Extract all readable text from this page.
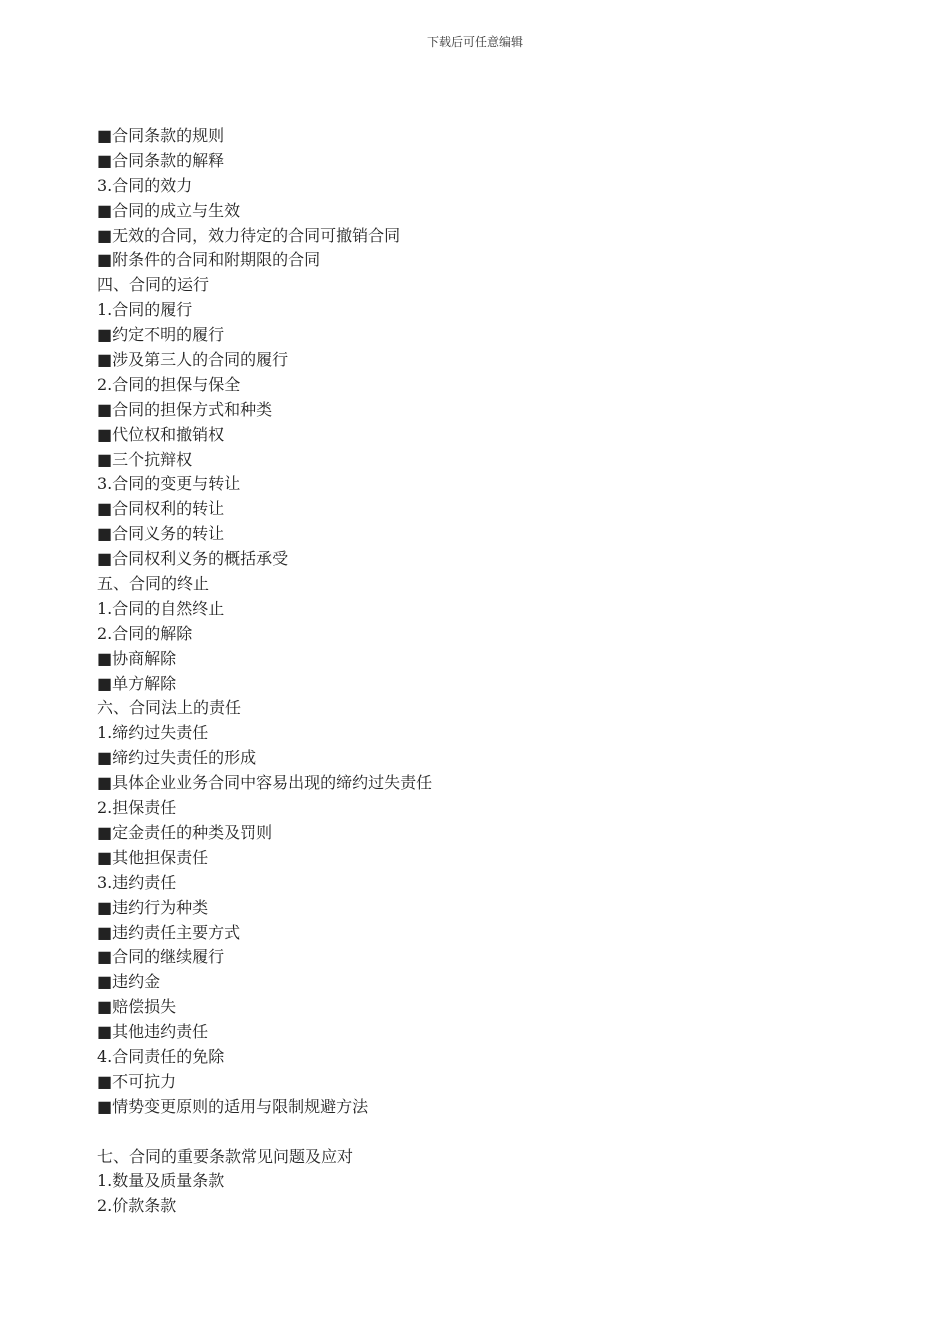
下载后可任意编辑
■合同条款的规则
■合同条款的解释
3.合同的效力
■合同的成立与生效
■无效的合同，效力待定的合同可撤销合同
■附条件的合同和附期限的合同
四、合同的运行
1.合同的履行
■约定不明的履行
■涉及第三人的合同的履行
2.合同的担保与保全
■合同的担保方式和种类
■代位权和撤销权
■三个抗辩权
3.合同的变更与转让
■合同权利的转让
■合同义务的转让
■合同权利义务的概括承受
五、合同的终止
1.合同的自然终止
2.合同的解除
■协商解除
■单方解除
六、合同法上的责任
1.缔约过失责任
■缔约过失责任的形成
■具体企业业务合同中容易出现的缔约过失责任
2.担保责任
■定金责任的种类及罚则
■其他担保责任
3.违约责任
■违约行为种类
■违约责任主要方式
■合同的继续履行
■违约金
■赔偿损失
■其他违约责任
4.合同责任的免除
■不可抗力
■情势变更原则的适用与限制规避方法
七、合同的重要条款常见问题及应对
1.数量及质量条款
2.价款条款
